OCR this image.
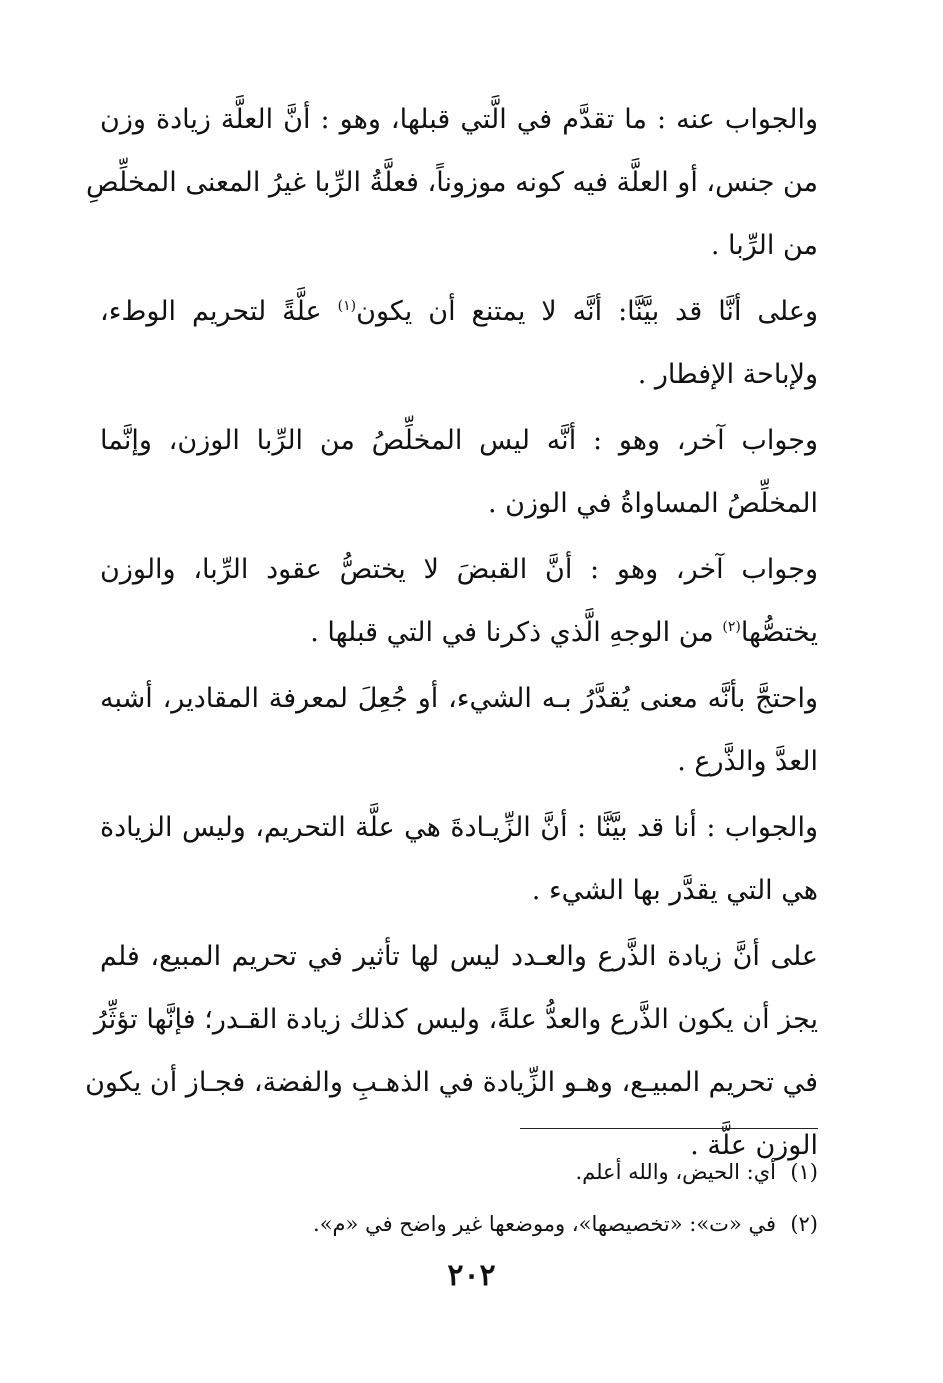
والجواب عنه : ما تقدَّم في الَّتي قبلها، وهو : أنَّ العلَّة زيادة وزن
من جنس، أو العلَّة فيه كونه موزوناً، فعلَّةُ الرِّبا غيرُ المعنى المخلِّصِ
من الرِّبا .

وعلى أنَّا قد بيَّنَّا: أنَّه لا يمتنع أن يكون$^{(١)}$ علَّةً لتحريم الوطء،
ولإباحة الإفطار .

وجواب آخر، وهو : أنَّه ليس المخلِّصُ من الرِّبا الوزن، وإنَّما
المخلِّصُ المساواةُ في الوزن .

وجواب آخر، وهو : أنَّ القبضَ لا يختصُّ عقود الرِّبا، والوزن
يختصُّها$^{(٢)}$ من الوجهِ الَّذي ذكرنا في التي قبلها .

واحتجَّ بأنَّه معنى يُقدَّرُ بـه الشيء، أو جُعِلَ لمعرفة المقادير، أشبه
العدَّ والذَّرع .

والجواب : أنا قد بيَّنَّا : أنَّ الزِّيـادةَ هي علَّة التحريم، وليس الزيادة
هي التي يقدَّر بها الشيء .

على أنَّ زيادة الذَّرع والعـدد ليس لها تأثير في تحريم المبيع، فلم
يجز أن يكون الذَّرع والعدُّ علةً، وليس كذلك زيادة القـدر؛ فإنَّها تؤثِّرُ
في تحريم المبيـع، وهـو الزِّيادة في الذهـبِ والفضة، فجـاز أن يكون
الوزن علَّة .

(١)أي: الحيض، والله أعلم.
(٢)في «ت»: «تخصيصها»، وموضعها غير واضح في «م».
٢٠٢
